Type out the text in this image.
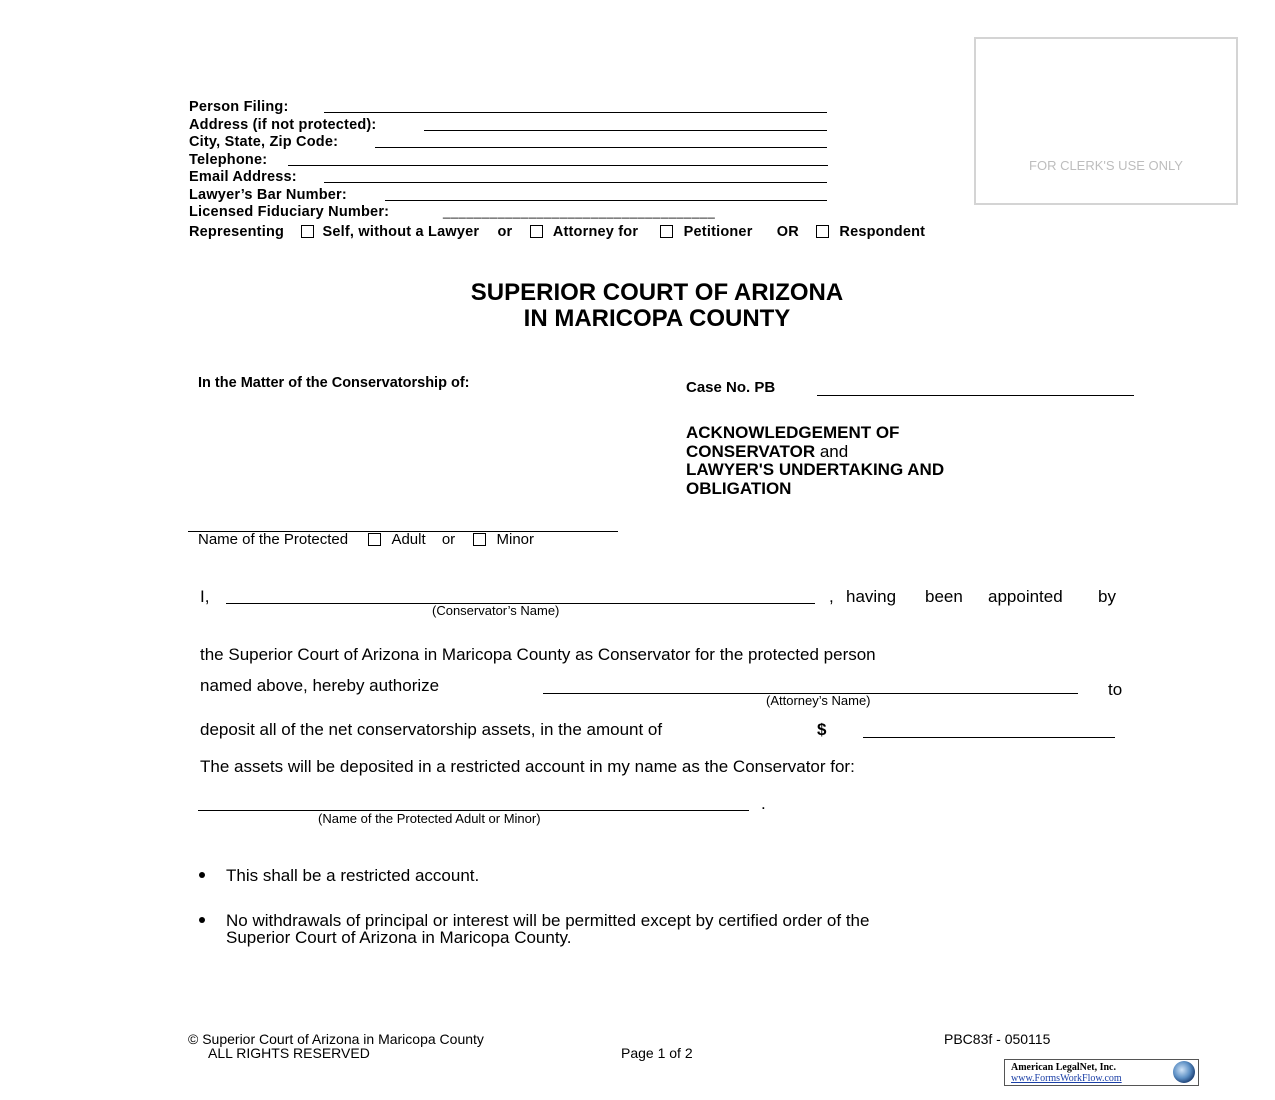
FOR CLERK'S USE ONLY
Person Filing:
Address (if not protected):
City, State, Zip Code:
Telephone:
Email Address:
Lawyer’s Bar Number:
Licensed Fiduciary Number:	___________________________________
Representing	Self, without a Lawyer or	Attorney for	Petitioner OR	Respondent
SUPERIOR COURT OF ARIZONA
IN MARICOPA COUNTY
In the Matter of the Conservatorship of:
Name of the Protected	Adult or	Minor
Case No. PB
ACKNOWLEDGEMENT OF
CONSERVATOR and
LAWYER'S UNDERTAKING AND
OBLIGATION
I,
(Conservator’s Name)
, having been appointed by
the Superior Court of Arizona in Maricopa County as Conservator for the protected person
named above, hereby authorize
(Attorney’s Name)
to
deposit all of the net conservatorship assets, in the amount of	$
The assets will be deposited in a restricted account in my name as the Conservator for:
.
(Name of the Protected Adult or Minor)
This shall be a restricted account.
No withdrawals of principal or interest will be permitted except by certified order of the
Superior Court of Arizona in Maricopa County.
© Superior Court of Arizona in Maricopa County
ALL RIGHTS RESERVED	Page 1 of 2
PBC83f - 050115
American LegalNet, Inc.
www.FormsWorkFlow.com
